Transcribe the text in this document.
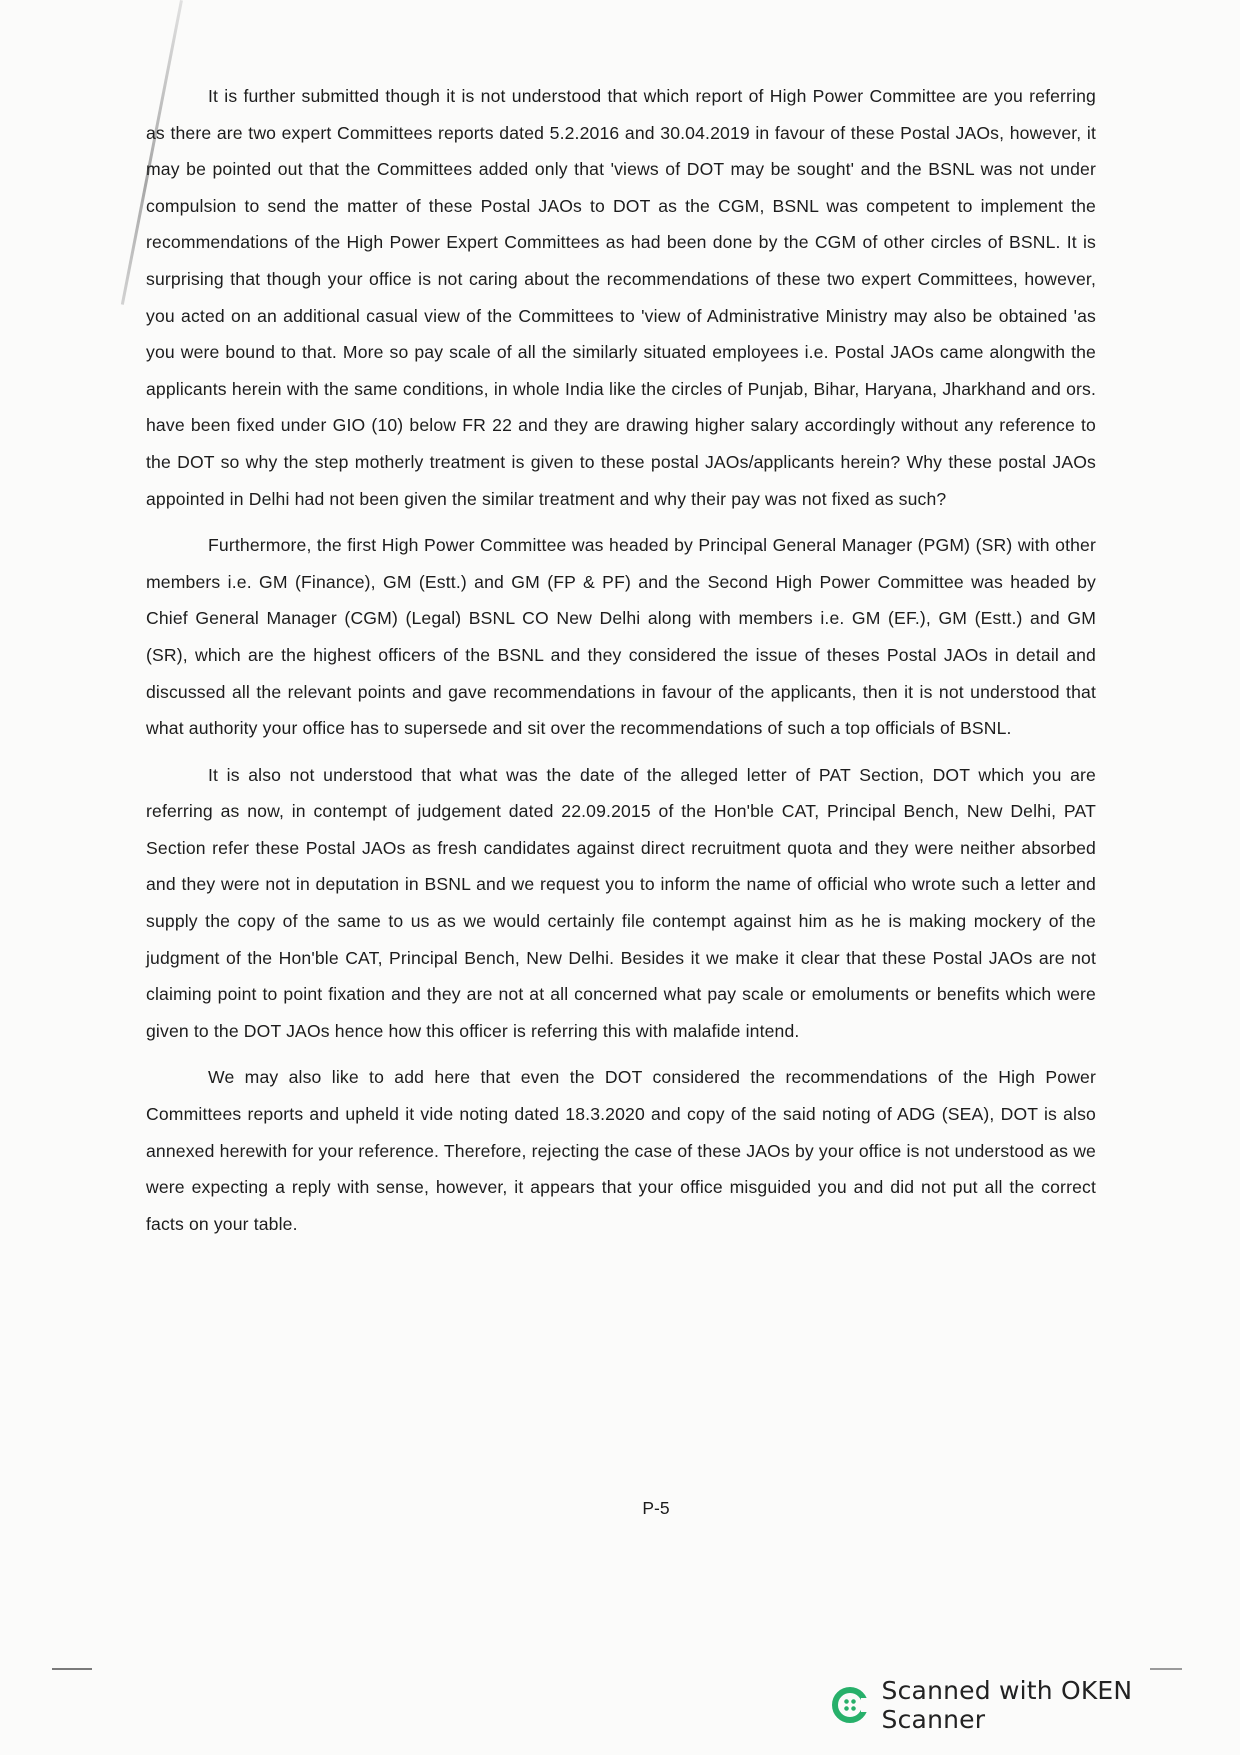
It is further submitted though it is not understood that which report of High Power Committee are you referring as there are two expert Committees reports dated 5.2.2016 and 30.04.2019 in favour of these Postal JAOs, however, it may be pointed out that the Committees added only that 'views of DOT may be sought' and the BSNL was not under compulsion to send the matter of these Postal JAOs to DOT as the CGM, BSNL was competent to implement the recommendations of the High Power Expert Committees as had been done by the CGM of other circles of BSNL. It is surprising that though your office is not caring about the recommendations of these two expert Committees, however, you acted on an additional casual view of the Committees to 'view of Administrative Ministry may also be obtained 'as you were bound to that. More so pay scale of all the similarly situated employees i.e. Postal JAOs came alongwith the applicants herein with the same conditions, in whole India like the circles of Punjab, Bihar, Haryana, Jharkhand and ors. have been fixed under GIO (10) below FR 22 and they are drawing higher salary accordingly without any reference to the DOT so why the step motherly treatment is given to these postal JAOs/applicants herein? Why these postal JAOs appointed in Delhi had not been given the similar treatment and why their pay was not fixed as such?

Furthermore, the first High Power Committee was headed by Principal General Manager (PGM) (SR) with other members i.e. GM (Finance), GM (Estt.) and GM (FP & PF) and the Second High Power Committee was headed by Chief General Manager (CGM) (Legal) BSNL CO New Delhi along with members i.e. GM (EF.), GM (Estt.) and GM (SR), which are the highest officers of the BSNL and they considered the issue of theses Postal JAOs in detail and discussed all the relevant points and gave recommendations in favour of the applicants, then it is not understood that what authority your office has to supersede and sit over the recommendations of such a top officials of BSNL.

It is also not understood that what was the date of the alleged letter of PAT Section, DOT which you are referring as now, in contempt of judgement dated 22.09.2015 of the Hon'ble CAT, Principal Bench, New Delhi, PAT Section refer these Postal JAOs as fresh candidates against direct recruitment quota and they were neither absorbed and they were not in deputation in BSNL and we request you to inform the name of official who wrote such a letter and supply the copy of the same to us as we would certainly file contempt against him as he is making mockery of the judgment of the Hon'ble CAT, Principal Bench, New Delhi. Besides it we make it clear that these Postal JAOs are not claiming point to point fixation and they are not at all concerned what pay scale or emoluments or benefits which were given to the DOT JAOs hence how this officer is referring this with malafide intend.

We may also like to add here that even the DOT considered the recommendations of the High Power Committees reports and upheld it vide noting dated 18.3.2020 and copy of the said noting of ADG (SEA), DOT is also annexed herewith for your reference. Therefore, rejecting the case of these JAOs by your office is not understood as we were expecting a reply with sense, however, it appears that your office misguided you and did not put all the correct facts on your table.

P-5
Scanned with OKEN Scanner
